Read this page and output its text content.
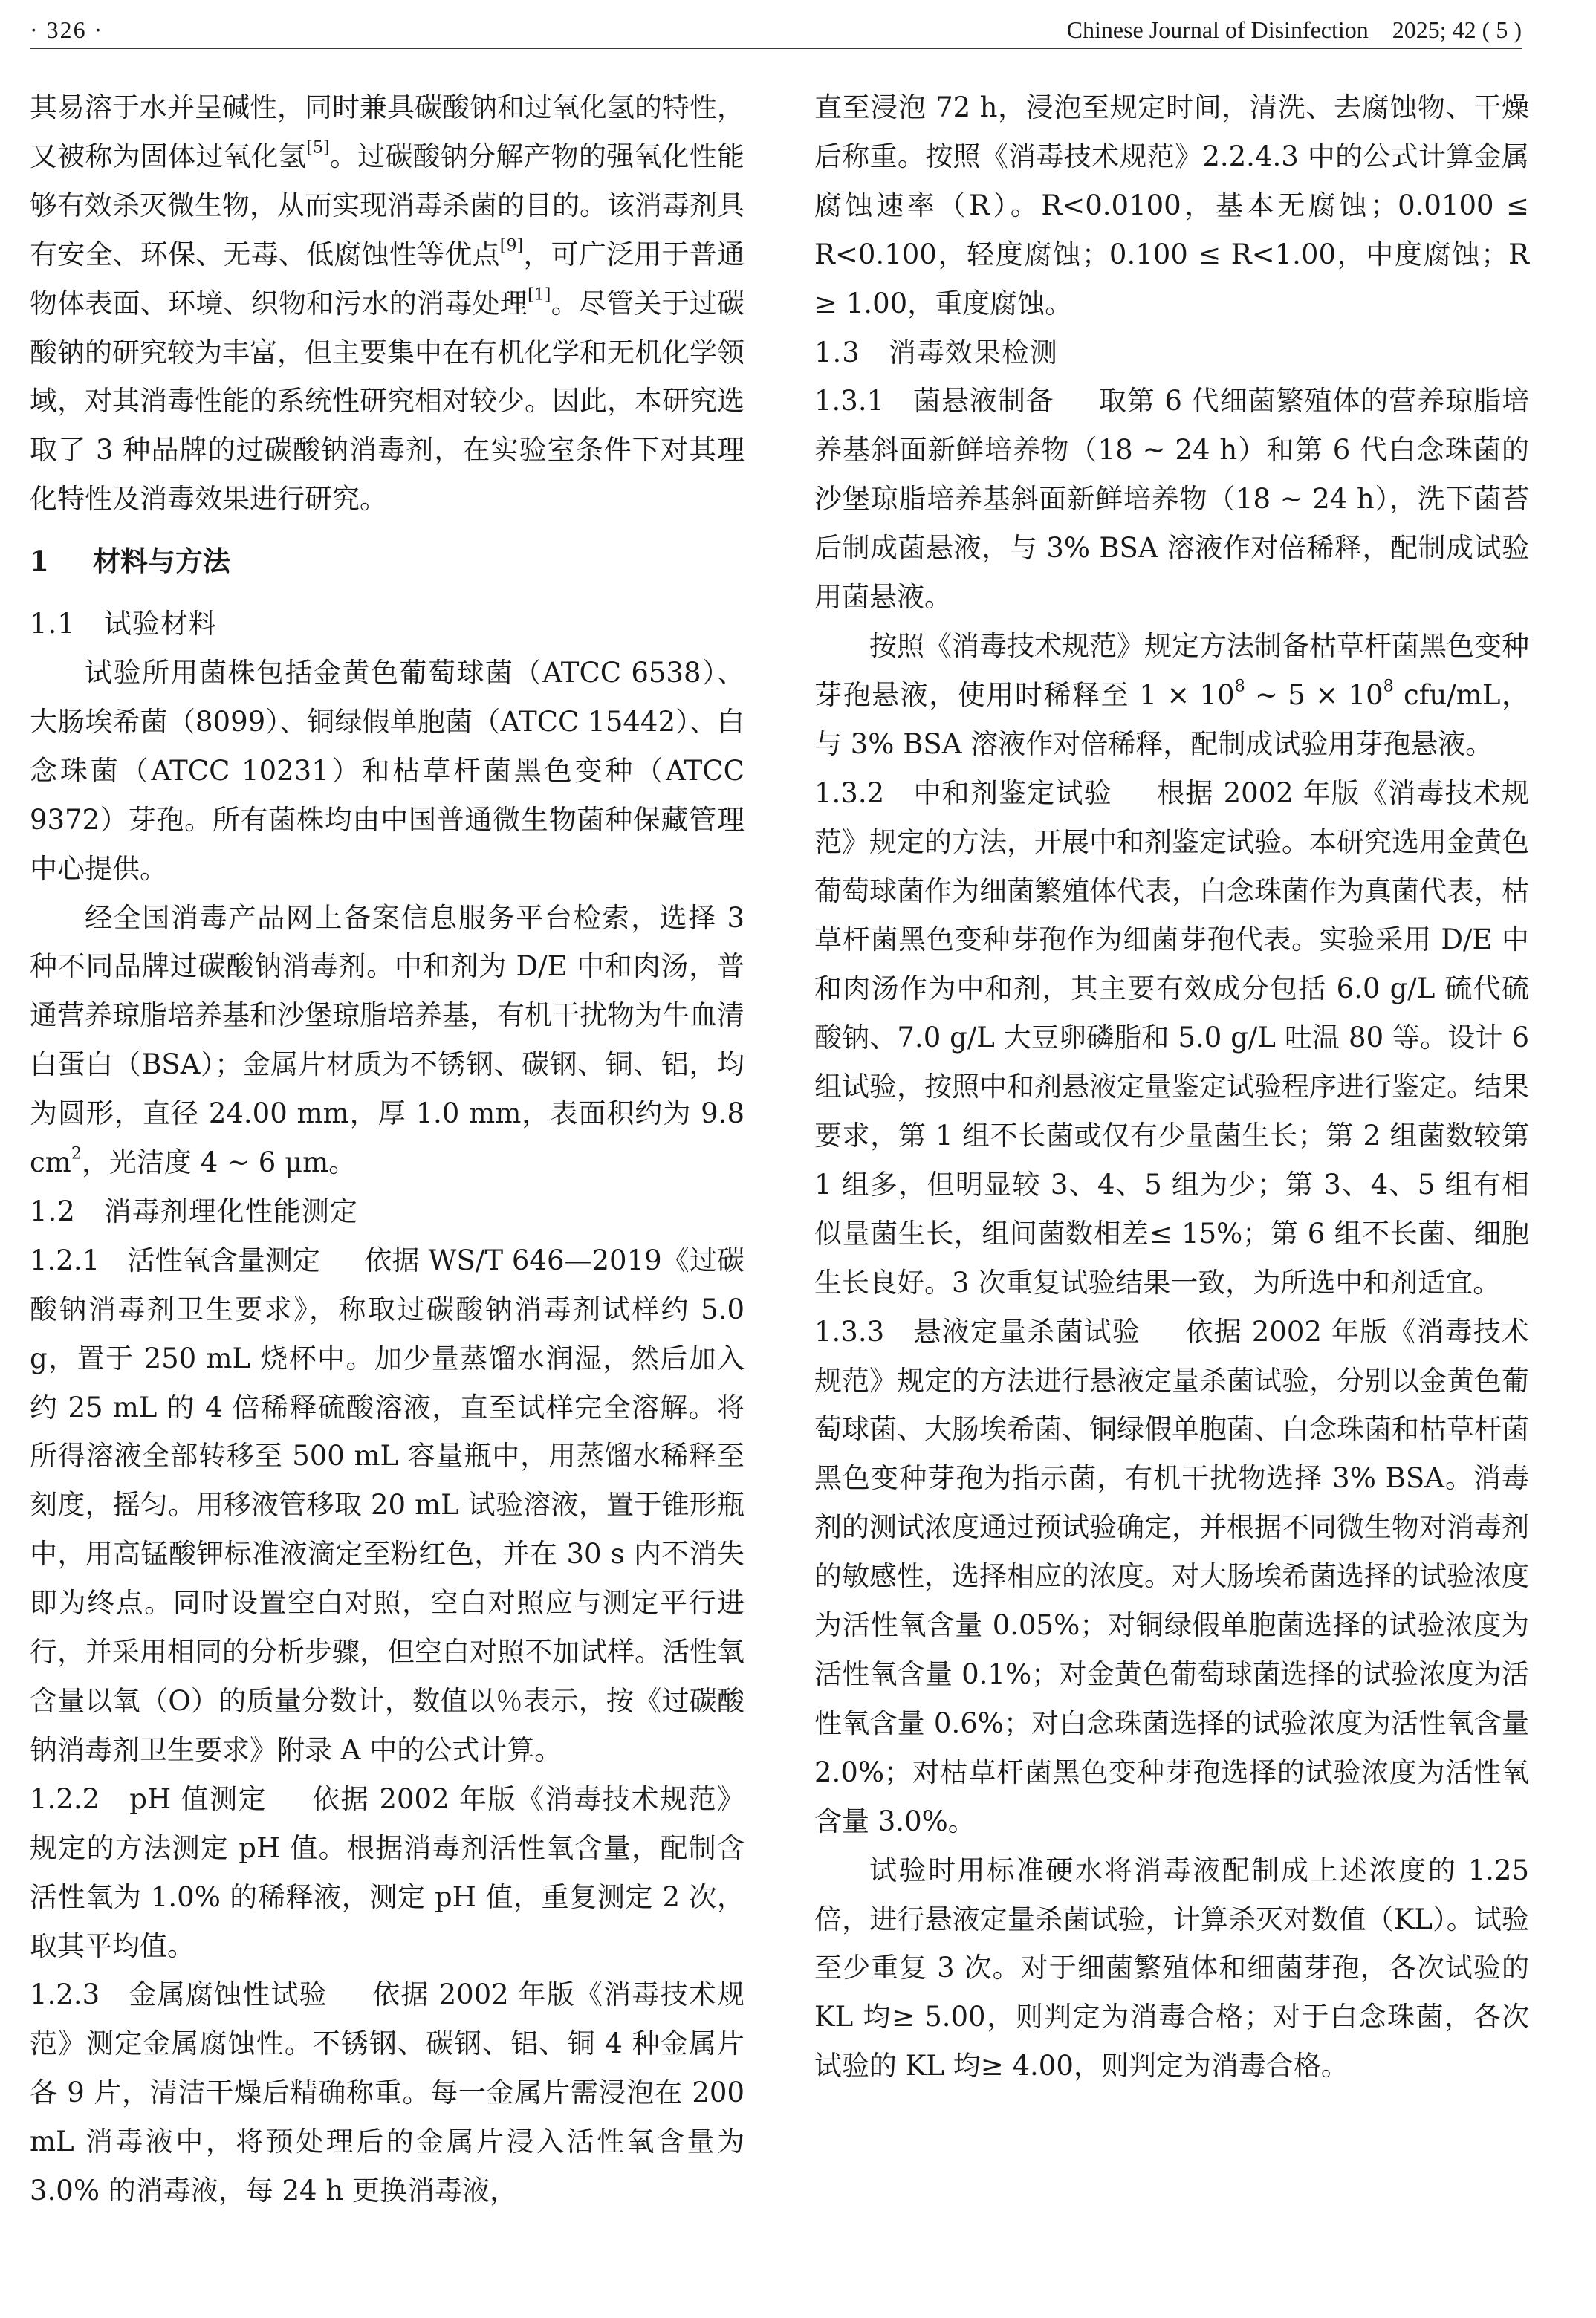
· 326 ·	Chinese Journal of Disinfection　2025; 42 ( 5 )

其易溶于水并呈碱性，同时兼具碳酸钠和过氧化氢的特性，又被称为固体过氧化氢[5]。过碳酸钠分解产物的强氧化性能够有效杀灭微生物，从而实现消毒杀菌的目的。该消毒剂具有安全、环保、无毒、低腐蚀性等优点[9]，可广泛用于普通物体表面、环境、织物和污水的消毒处理[1]。尽管关于过碳酸钠的研究较为丰富，但主要集中在有机化学和无机化学领域，对其消毒性能的系统性研究相对较少。因此，本研究选取了 3 种品牌的过碳酸钠消毒剂，在实验室条件下对其理化特性及消毒效果进行研究。

1 材料与方法

1.1　试验材料

试验所用菌株包括金黄色葡萄球菌（ATCC 6538）、大肠埃希菌（8099）、铜绿假单胞菌（ATCC 15442）、白念珠菌（ATCC 10231）和枯草杆菌黑色变种（ATCC 9372）芽孢。所有菌株均由中国普通微生物菌种保藏管理中心提供。

经全国消毒产品网上备案信息服务平台检索，选择 3 种不同品牌过碳酸钠消毒剂。中和剂为 D/E 中和肉汤，普通营养琼脂培养基和沙堡琼脂培养基，有机干扰物为牛血清白蛋白（BSA）；金属片材质为不锈钢、碳钢、铜、铝，均为圆形，直径 24.00 mm，厚 1.0 mm，表面积约为 9.8 $cm^2$，光洁度 4 ~ 6 μm。

1.2　消毒剂理化性能测定

1.2.1　活性氧含量测定 依据 WS/T 646—2019《过碳酸钠消毒剂卫生要求》，称取过碳酸钠消毒剂试样约 5.0 g，置于 250 mL 烧杯中。加少量蒸馏水润湿，然后加入约 25 mL 的 4 倍稀释硫酸溶液，直至试样完全溶解。将所得溶液全部转移至 500 mL 容量瓶中，用蒸馏水稀释至刻度，摇匀。用移液管移取 20 mL 试验溶液，置于锥形瓶中，用高锰酸钾标准液滴定至粉红色，并在 30 s 内不消失即为终点。同时设置空白对照，空白对照应与测定平行进行，并采用相同的分析步骤，但空白对照不加试样。活性氧含量以氧（O）的质量分数计，数值以％表示，按《过碳酸钠消毒剂卫生要求》附录 A 中的公式计算。

1.2.2　pH 值测定 依据 2002 年版《消毒技术规范》规定的方法测定 pH 值。根据消毒剂活性氧含量，配制含活性氧为 1.0% 的稀释液，测定 pH 值，重复测定 2 次，取其平均值。

1.2.3　金属腐蚀性试验 依据 2002 年版《消毒技术规范》测定金属腐蚀性。不锈钢、碳钢、铝、铜 4 种金属片各 9 片，清洁干燥后精确称重。每一金属片需浸泡在 200 mL 消毒液中，将预处理后的金属片浸入活性氧含量为 3.0% 的消毒液，每 24 h 更换消毒液，

直至浸泡 72 h，浸泡至规定时间，清洗、去腐蚀物、干燥后称重。按照《消毒技术规范》2.2.4.3 中的公式计算金属腐蚀速率（R）。R<0.0100，基本无腐蚀；0.0100 ≤ R<0.100，轻度腐蚀；0.100 ≤ R<1.00，中度腐蚀；R ≥ 1.00，重度腐蚀。

1.3　消毒效果检测

1.3.1　菌悬液制备 取第 6 代细菌繁殖体的营养琼脂培养基斜面新鲜培养物（18 ~ 24 h）和第 6 代白念珠菌的沙堡琼脂培养基斜面新鲜培养物（18 ~ 24 h），洗下菌苔后制成菌悬液，与 3% BSA 溶液作对倍稀释，配制成试验用菌悬液。

按照《消毒技术规范》规定方法制备枯草杆菌黑色变种芽孢悬液，使用时稀释至 $1 \times 10^8$ ~ $5 \times 10^8$ cfu/mL，与 3% BSA 溶液作对倍稀释，配制成试验用芽孢悬液。

1.3.2　中和剂鉴定试验 根据 2002 年版《消毒技术规范》规定的方法，开展中和剂鉴定试验。本研究选用金黄色葡萄球菌作为细菌繁殖体代表，白念珠菌作为真菌代表，枯草杆菌黑色变种芽孢作为细菌芽孢代表。实验采用 D/E 中和肉汤作为中和剂，其主要有效成分包括 6.0 g/L 硫代硫酸钠、7.0 g/L 大豆卵磷脂和 5.0 g/L 吐温 80 等。设计 6 组试验，按照中和剂悬液定量鉴定试验程序进行鉴定。结果要求，第 1 组不长菌或仅有少量菌生长；第 2 组菌数较第 1 组多，但明显较 3、4、5 组为少；第 3、4、5 组有相似量菌生长，组间菌数相差≤ 15%；第 6 组不长菌、细胞生长良好。3 次重复试验结果一致，为所选中和剂适宜。

1.3.3　悬液定量杀菌试验 依据 2002 年版《消毒技术规范》规定的方法进行悬液定量杀菌试验，分别以金黄色葡萄球菌、大肠埃希菌、铜绿假单胞菌、白念珠菌和枯草杆菌黑色变种芽孢为指示菌，有机干扰物选择 3% BSA。消毒剂的测试浓度通过预试验确定，并根据不同微生物对消毒剂的敏感性，选择相应的浓度。对大肠埃希菌选择的试验浓度为活性氧含量 0.05%；对铜绿假单胞菌选择的试验浓度为活性氧含量 0.1%；对金黄色葡萄球菌选择的试验浓度为活性氧含量 0.6%；对白念珠菌选择的试验浓度为活性氧含量 2.0%；对枯草杆菌黑色变种芽孢选择的试验浓度为活性氧含量 3.0%。

试验时用标准硬水将消毒液配制成上述浓度的 1.25 倍，进行悬液定量杀菌试验，计算杀灭对数值（KL）。试验至少重复 3 次。对于细菌繁殖体和细菌芽孢，各次试验的 KL 均≥ 5.00，则判定为消毒合格；对于白念珠菌，各次试验的 KL 均≥ 4.00，则判定为消毒合格。
